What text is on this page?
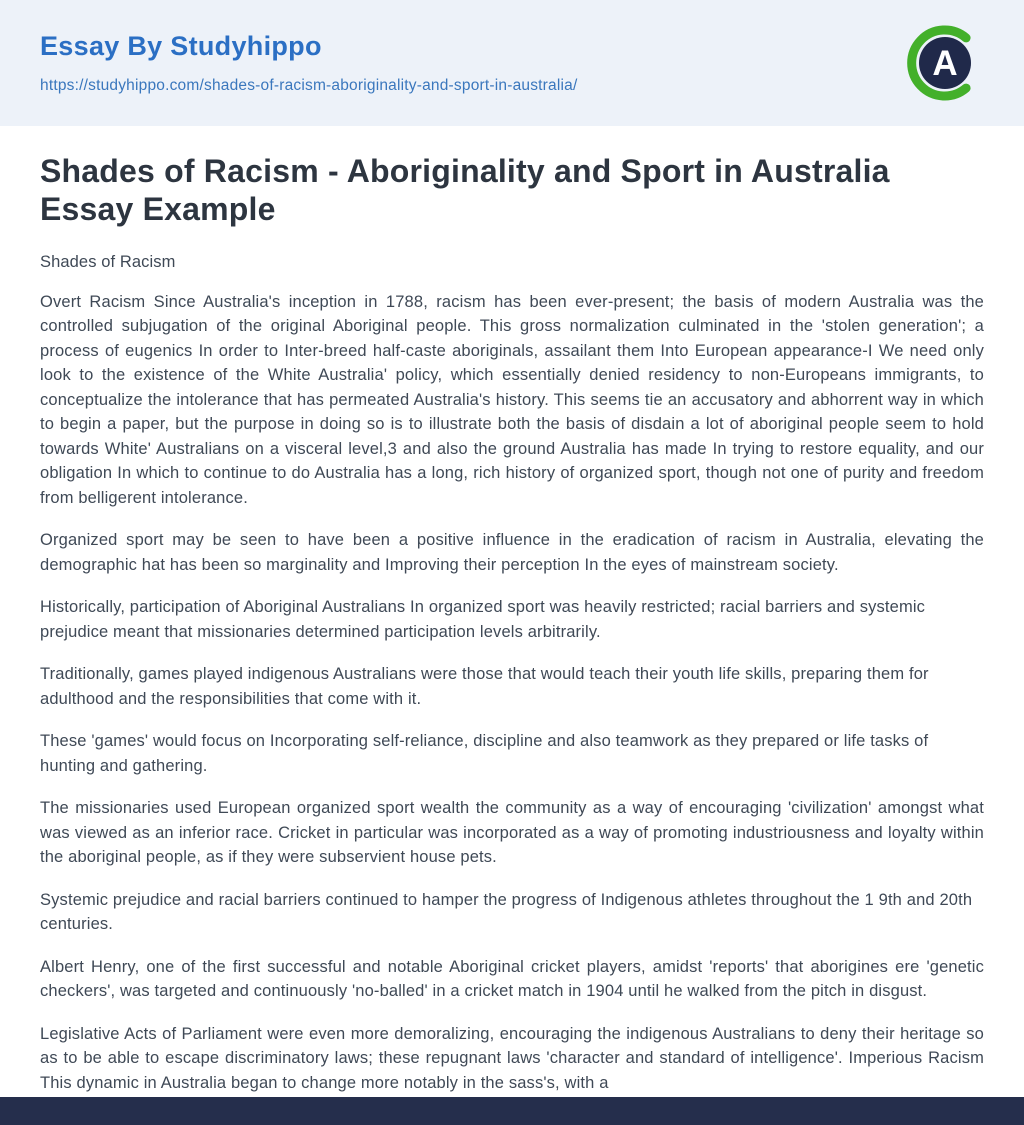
Essay By Studyhippo
https://studyhippo.com/shades-of-racism-aboriginality-and-sport-in-australia/
A
Shades of Racism - Aboriginality and Sport in Australia Essay Example

Shades of Racism

Overt Racism Since Australia's inception in 1788, racism has been ever-present; the basis of modern Australia was the controlled subjugation of the original Aboriginal people. This gross normalization culminated in the 'stolen generation'; a process of eugenics In order to Inter-breed half-caste aboriginals, assailant them Into European appearance-I We need only look to the existence of the White Australia' policy, which essentially denied residency to non-Europeans immigrants, to conceptualize the intolerance that has permeated Australia's history. This seems tie an accusatory and abhorrent way in which to begin a paper, but the purpose in doing so is to illustrate both the basis of disdain a lot of aboriginal people seem to hold towards White' Australians on a visceral level,3 and also the ground Australia has made In trying to restore equality, and our obligation In which to continue to do Australia has a long, rich history of organized sport, though not one of purity and freedom from belligerent intolerance.

Organized sport may be seen to have been a positive influence in the eradication of racism in Australia, elevating the demographic hat has been so marginality and Improving their perception In the eyes of mainstream society.

Historically, participation of Aboriginal Australians In organized sport was heavily restricted; racial barriers and systemic prejudice meant that missionaries determined participation levels arbitrarily.

Traditionally, games played indigenous Australians were those that would teach their youth life skills, preparing them for adulthood and the responsibilities that come with it.

These 'games' would focus on Incorporating self-reliance, discipline and also teamwork as they prepared or life tasks of hunting and gathering.

The missionaries used European organized sport wealth the community as a way of encouraging 'civilization' amongst what was viewed as an inferior race. Cricket in particular was incorporated as a way of promoting industriousness and loyalty within the aboriginal people, as if they were subservient house pets.

Systemic prejudice and racial barriers continued to hamper the progress of Indigenous athletes throughout the 1 9th and 20th centuries.

Albert Henry, one of the first successful and notable Aboriginal cricket players, amidst 'reports' that aborigines ere 'genetic checkers', was targeted and continuously 'no-balled' in a cricket match in 1904 until he walked from the pitch in disgust.

Legislative Acts of Parliament were even more demoralizing, encouraging the indigenous Australians to deny their heritage so as to be able to escape discriminatory laws; these repugnant laws 'character and standard of intelligence'. Imperious Racism This dynamic in Australia began to change more notably in the sass's, with a
